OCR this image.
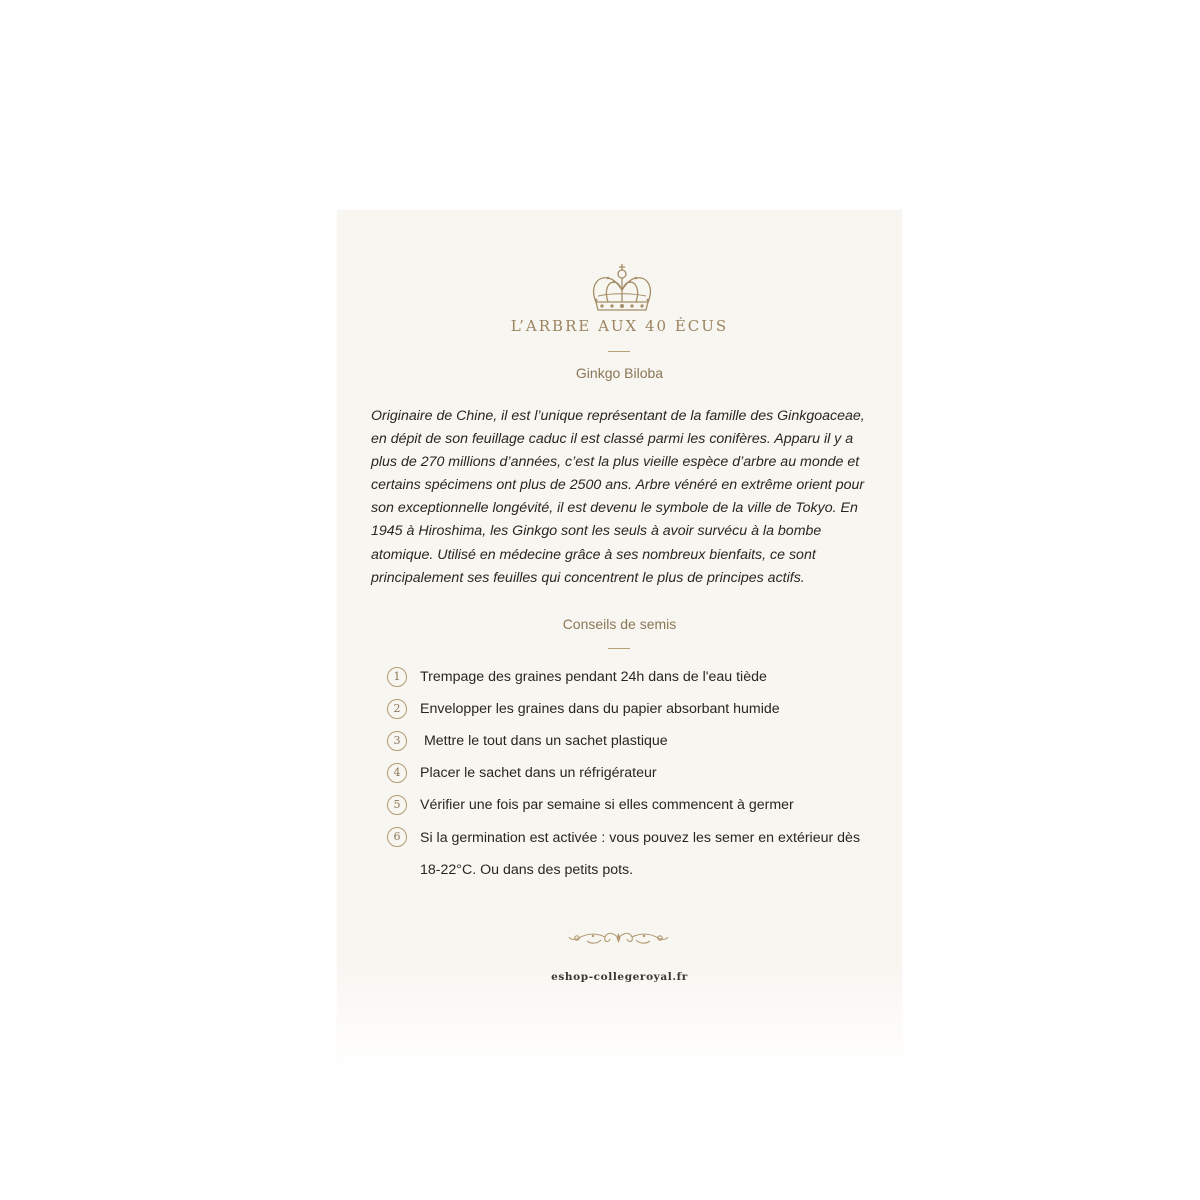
L’ARBRE AUX 40 ÉCUS
Ginkgo Biloba

Originaire de Chine, il est l’unique représentant de la famille des Ginkgoaceae, en dépit de son feuillage caduc il est classé parmi les conifères. Apparu il y a plus de 270 millions d’années, c’est la plus vieille espèce d’arbre au monde et certains spécimens ont plus de 2500 ans. Arbre vénéré en extrême orient pour son exceptionnelle longévité, il est devenu le symbole de la ville de Tokyo. En 1945 à Hiroshima, les Ginkgo sont les seuls à avoir survécu à la bombe atomique. Utilisé en médecine grâce à ses nombreux bienfaits, ce sont principalement ses feuilles qui concentrent le plus de principes actifs.

Conseils de semis
1	Trempage des graines pendant 24h dans de l'eau tiède
2	Envelopper les graines dans du papier absorbant humide
3	Mettre le tout dans un sachet plastique
4	Placer le sachet dans un réfrigérateur
5	Vérifier une fois par semaine si elles commencent à germer
6	Si la germination est activée : vous pouvez les semer en extérieur dès 18-22°C. Ou dans des petits pots.
eshop-collegeroyal.fr
